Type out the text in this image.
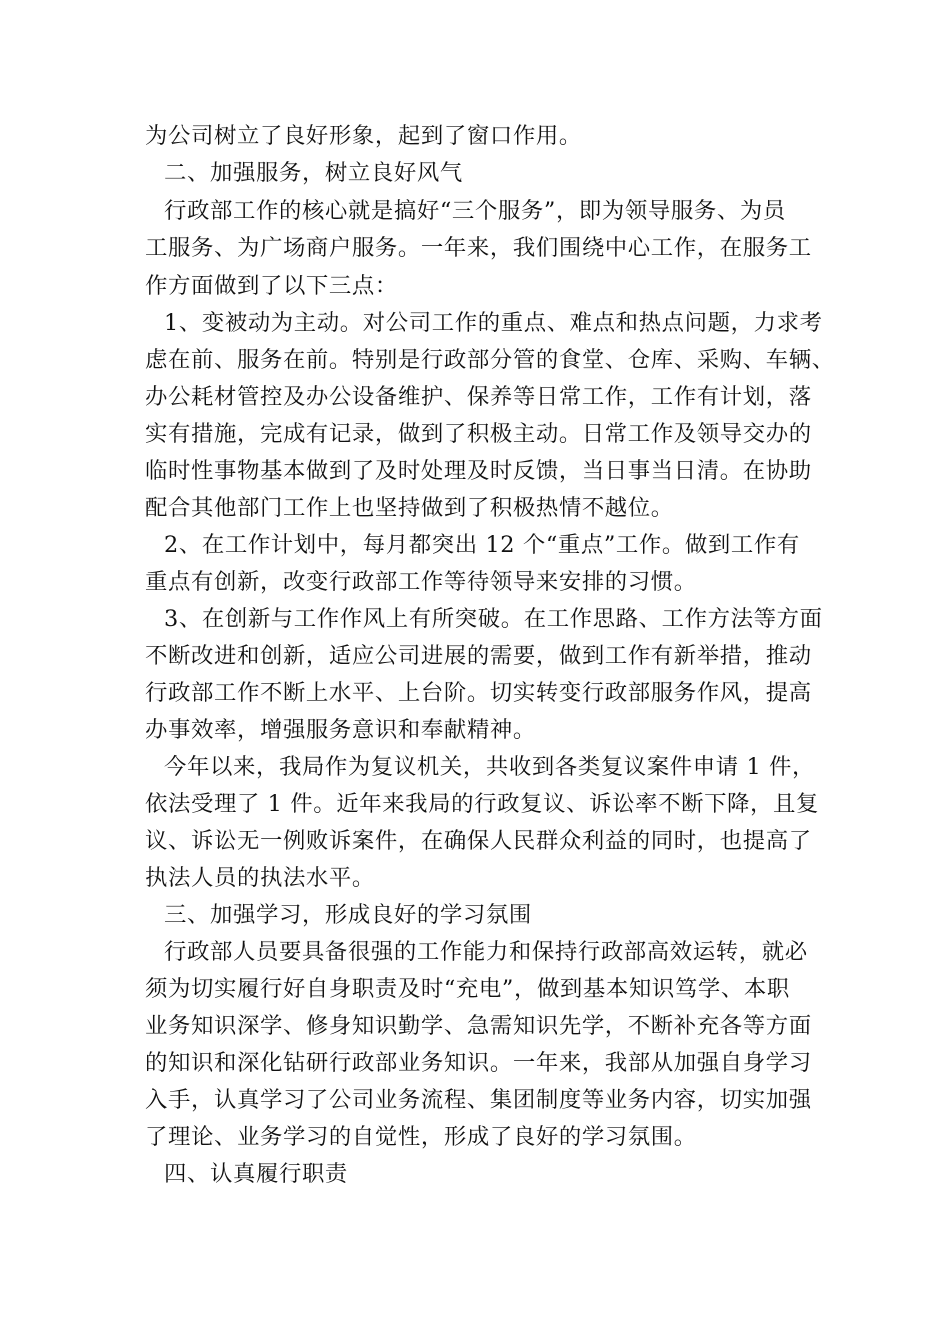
为公司树立了良好形象，起到了窗口作用。
二、加强服务，树立良好风气
行政部工作的核心就是搞好“三个服务”，即为领导服务、为员
工服务、为广场商户服务。一年来，我们围绕中心工作，在服务工
作方面做到了以下三点：
1、变被动为主动。对公司工作的重点、难点和热点问题，力求考
虑在前、服务在前。特别是行政部分管的食堂、仓库、采购、车辆、
办公耗材管控及办公设备维护、保养等日常工作，工作有计划，落
实有措施，完成有记录，做到了积极主动。日常工作及领导交办的
临时性事物基本做到了及时处理及时反馈，当日事当日清。在协助
配合其他部门工作上也坚持做到了积极热情不越位。
2、在工作计划中，每月都突出 12 个“重点”工作。做到工作有
重点有创新，改变行政部工作等待领导来安排的习惯。
3、在创新与工作作风上有所突破。在工作思路、工作方法等方面
不断改进和创新，适应公司进展的需要，做到工作有新举措，推动
行政部工作不断上水平、上台阶。切实转变行政部服务作风，提高
办事效率，增强服务意识和奉献精神。
今年以来，我局作为复议机关，共收到各类复议案件申请 1 件，
依法受理了 1 件。近年来我局的行政复议、诉讼率不断下降，且复
议、诉讼无一例败诉案件，在确保人民群众利益的同时，也提高了
执法人员的执法水平。
三、加强学习，形成良好的学习氛围
行政部人员要具备很强的工作能力和保持行政部高效运转，就必
须为切实履行好自身职责及时“充电”，做到基本知识笃学、本职
业务知识深学、修身知识勤学、急需知识先学，不断补充各等方面
的知识和深化钻研行政部业务知识。一年来，我部从加强自身学习
入手，认真学习了公司业务流程、集团制度等业务内容，切实加强
了理论、业务学习的自觉性，形成了良好的学习氛围。
四、认真履行职责
